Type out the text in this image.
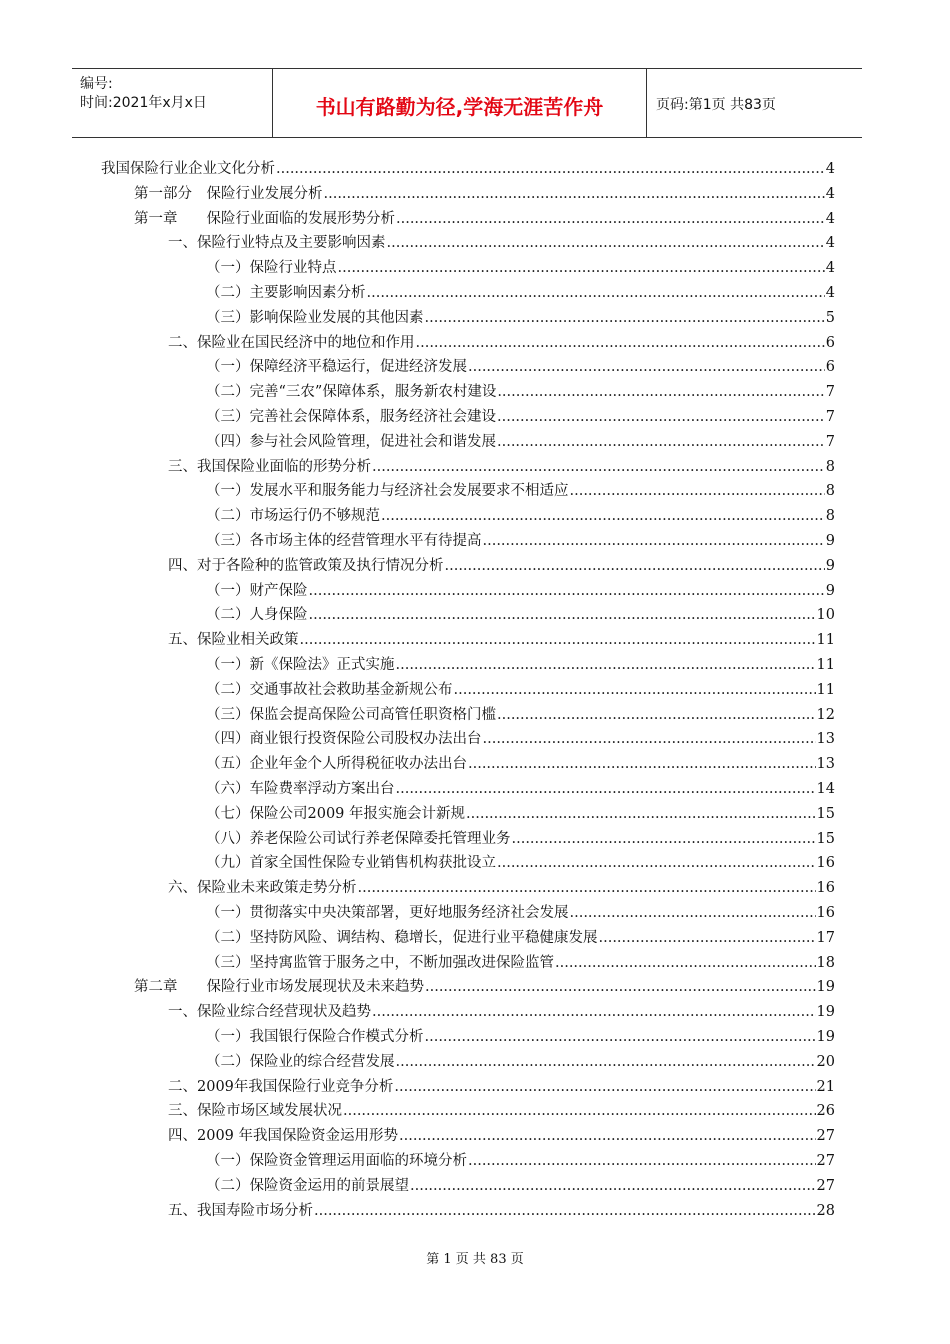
编号:
时间:2021年x月x日	书山有路勤为径,学海无涯苦作舟	页码:第1页 共83页
我国保险行业企业文化分析 .....	4
第一部分　保险行业发展分析 .....	4
第一章　　保险行业面临的发展形势分析 .....	4
一、保险行业特点及主要影响因素 .....	4
（一）保险行业特点 .....	4
（二）主要影响因素分析 .....	4
（三）影响保险业发展的其他因素 .....	5
二、保险业在国民经济中的地位和作用 .....	6
（一）保障经济平稳运行，促进经济发展 .....	6
（二）完善“三农”保障体系，服务新农村建设 .....	7
（三）完善社会保障体系，服务经济社会建设 .....	7
（四）参与社会风险管理，促进社会和谐发展 .....	7
三、我国保险业面临的形势分析 .....	8
（一）发展水平和服务能力与经济社会发展要求不相适应 .....	8
（二）市场运行仍不够规范 .....	8
（三）各市场主体的经营管理水平有待提高 .....	9
四、对于各险种的监管政策及执行情况分析 .....	9
（一）财产保险 .....	9
（二）人身保险 .....	10
五、保险业相关政策 .....	11
（一）新《保险法》正式实施 .....	11
（二）交通事故社会救助基金新规公布 .....	11
（三）保监会提高保险公司高管任职资格门槛 .....	12
（四）商业银行投资保险公司股权办法出台 .....	13
（五）企业年金个人所得税征收办法出台 .....	13
（六）车险费率浮动方案出台 .....	14
（七）保险公司2009 年报实施会计新规 .....	15
（八）养老保险公司试行养老保障委托管理业务 .....	15
（九）首家全国性保险专业销售机构获批设立 .....	16
六、保险业未来政策走势分析 .....	16
（一）贯彻落实中央决策部署，更好地服务经济社会发展 .....	16
（二）坚持防风险、调结构、稳增长，促进行业平稳健康发展 .....	17
（三）坚持寓监管于服务之中，不断加强改进保险监管 .....	18
第二章　　保险行业市场发展现状及未来趋势 .....	19
一、保险业综合经营现状及趋势 .....	19
（一）我国银行保险合作模式分析 .....	19
（二）保险业的综合经营发展 .....	20
二、2009年我国保险行业竞争分析 .....	21
三、保险市场区域发展状况 .....	26
四、2009 年我国保险资金运用形势 .....	27
（一）保险资金管理运用面临的环境分析 .....	27
（二）保险资金运用的前景展望 .....	27
五、我国寿险市场分析 .....	28
第 1 页 共 83 页
